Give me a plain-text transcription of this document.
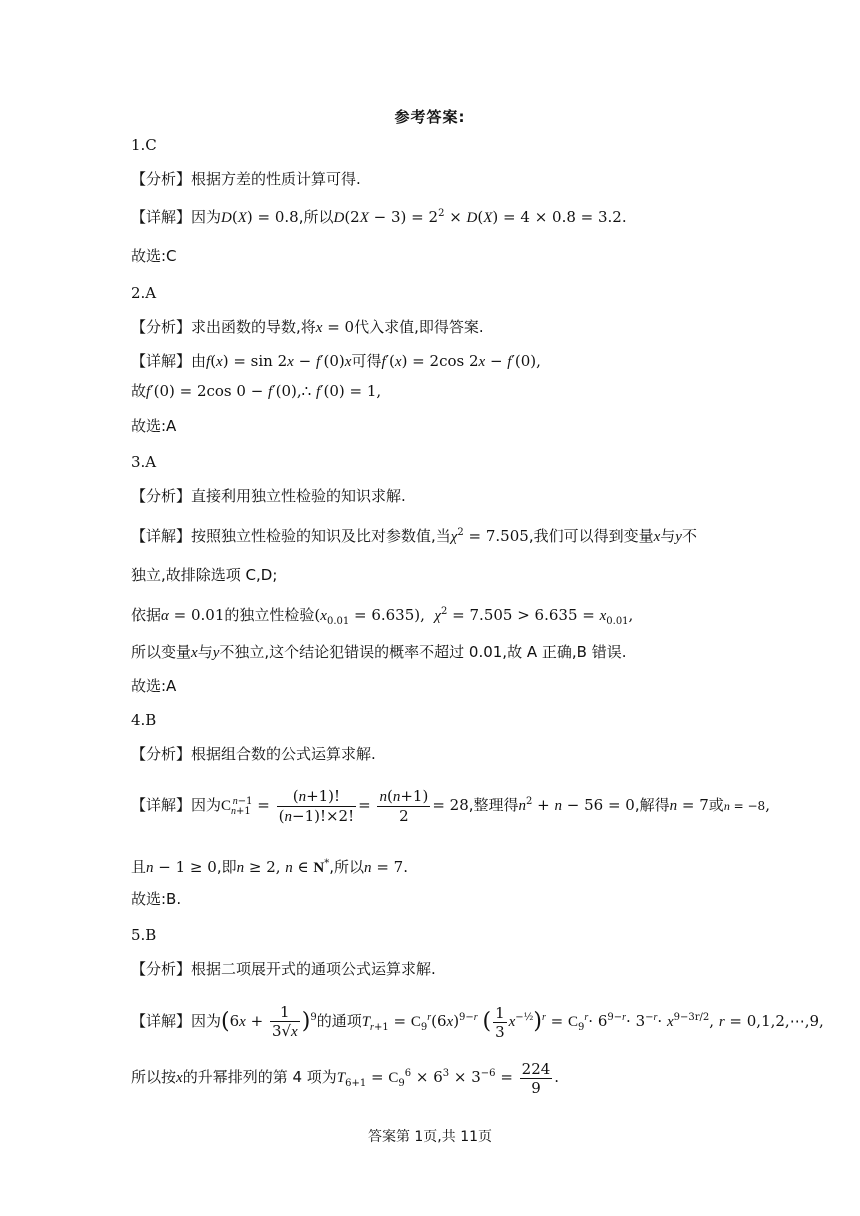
参考答案:
1.C
【分析】根据方差的性质计算可得.
【详解】因为D(X) = 0.8,所以$D(2X - 3) = 2^2 \times D(X) = 4 \times 0.8 = 3.2$.
故选:C
2.A
【分析】求出函数的导数,将x = 0代入求值,即得答案.
【详解】由f(x) = sin 2x − f′(0)x可得f′(x) = 2cos 2x − f′(0),
故f′(0) = 2cos 0 − f′(0),∴ f′(0) = 1,
故选:A
3.A
【分析】直接利用独立性检验的知识求解.
【详解】按照独立性检验的知识及比对参数值,当$\chi^2 = 7.505$,我们可以得到变量x与y不
独立,故排除选项 C,D;
依据α = 0.01的独立性检验$(x_{0.01} = 6.635)$,  $\chi^2 = 7.505 > 6.635 = x_{0.01}$,
所以变量x与y不独立,这个结论犯错误的概率不超过 0.01,故 A 正确,B 错误.
故选:A
4.B
【分析】根据组合数的公式运算求解.
【详解】因为$C_{n+1}^{n-1} = \frac{(n+1)!}{(n-1)!\times 2!} = \frac{n(n+1)}{2} = 28$,整理得$n^2 + n - 56 = 0$,解得n = 7或n = −8,
且n − 1 ≥ 0,即n ≥ 2, n ∈ N*,所以n = 7.
故选:B.
5.B
【分析】根据二项展开式的通项公式运算求解.
【详解】因为$(6x + \frac{1}{3√x} )^9$的通项$T_{r+1} = C_9^r(6x)^{9-r}$ ( $\frac{1}{3} x^{-\frac{1}{2}})^r = C_9^r\cdot 6^{9-r}\cdot 3^{-r}\cdot x^{9-3r/2}$, r = 0,1,2,⋯,9,
所以按x的升幂排列的第 4 项为$T_{6+1} = C_9^6 \times 6^3 \times 3^{-6} = \frac{224}{9}$ .
答案第 1页,共 11页
